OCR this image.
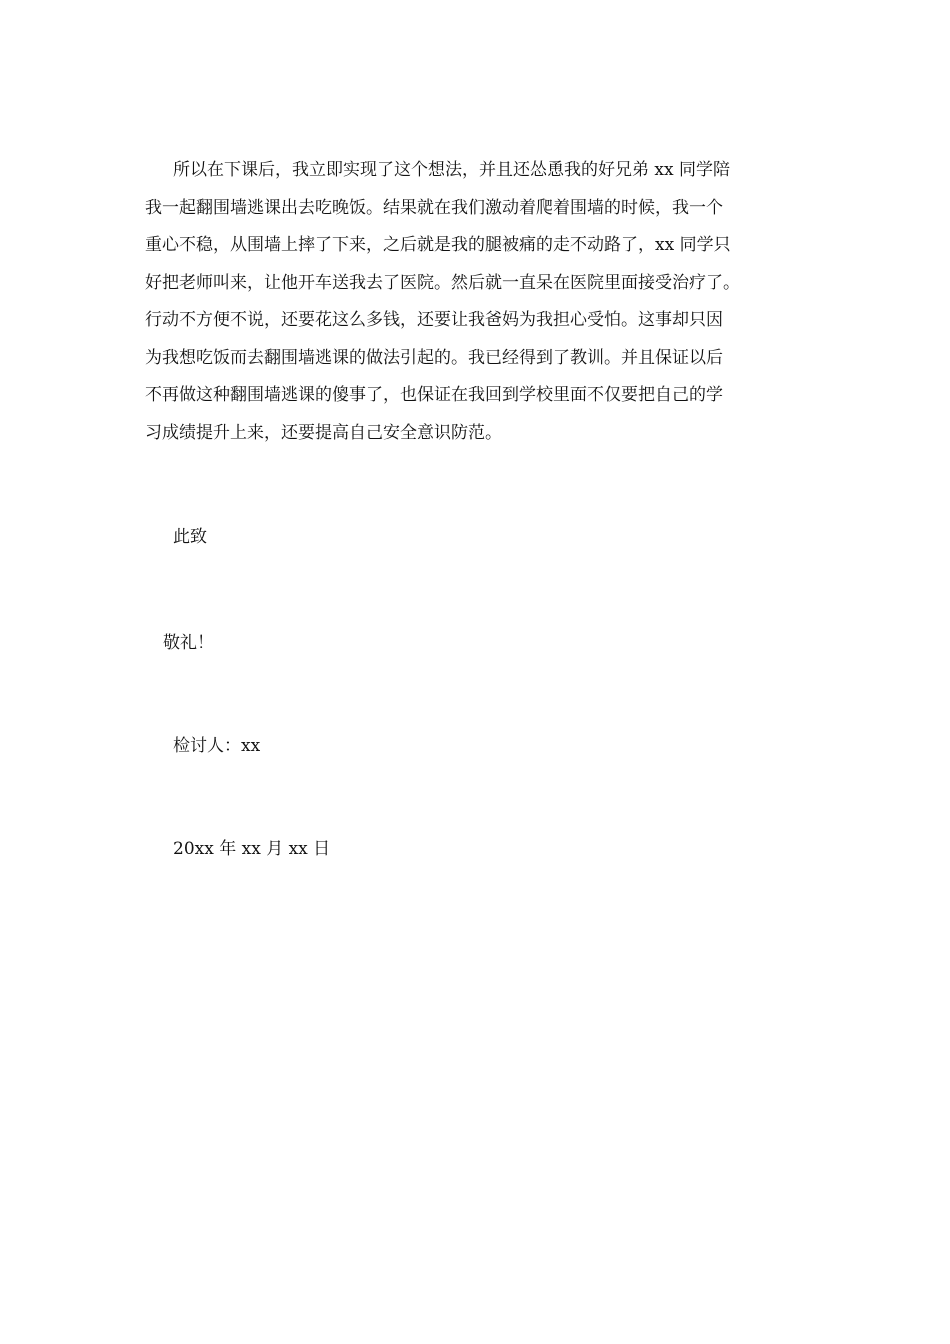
所以在下课后，我立即实现了这个想法，并且还怂恿我的好兄弟 xx 同学陪
我一起翻围墙逃课出去吃晚饭。结果就在我们激动着爬着围墙的时候，我一个
重心不稳，从围墙上摔了下来，之后就是我的腿被痛的走不动路了，xx 同学只
好把老师叫来，让他开车送我去了医院。然后就一直呆在医院里面接受治疗了。
行动不方便不说，还要花这么多钱，还要让我爸妈为我担心受怕。这事却只因
为我想吃饭而去翻围墙逃课的做法引起的。我已经得到了教训。并且保证以后
不再做这种翻围墙逃课的傻事了，也保证在我回到学校里面不仅要把自己的学
习成绩提升上来，还要提高自己安全意识防范。
此致
敬礼！
检讨人：xx
20xx 年 xx 月 xx 日
